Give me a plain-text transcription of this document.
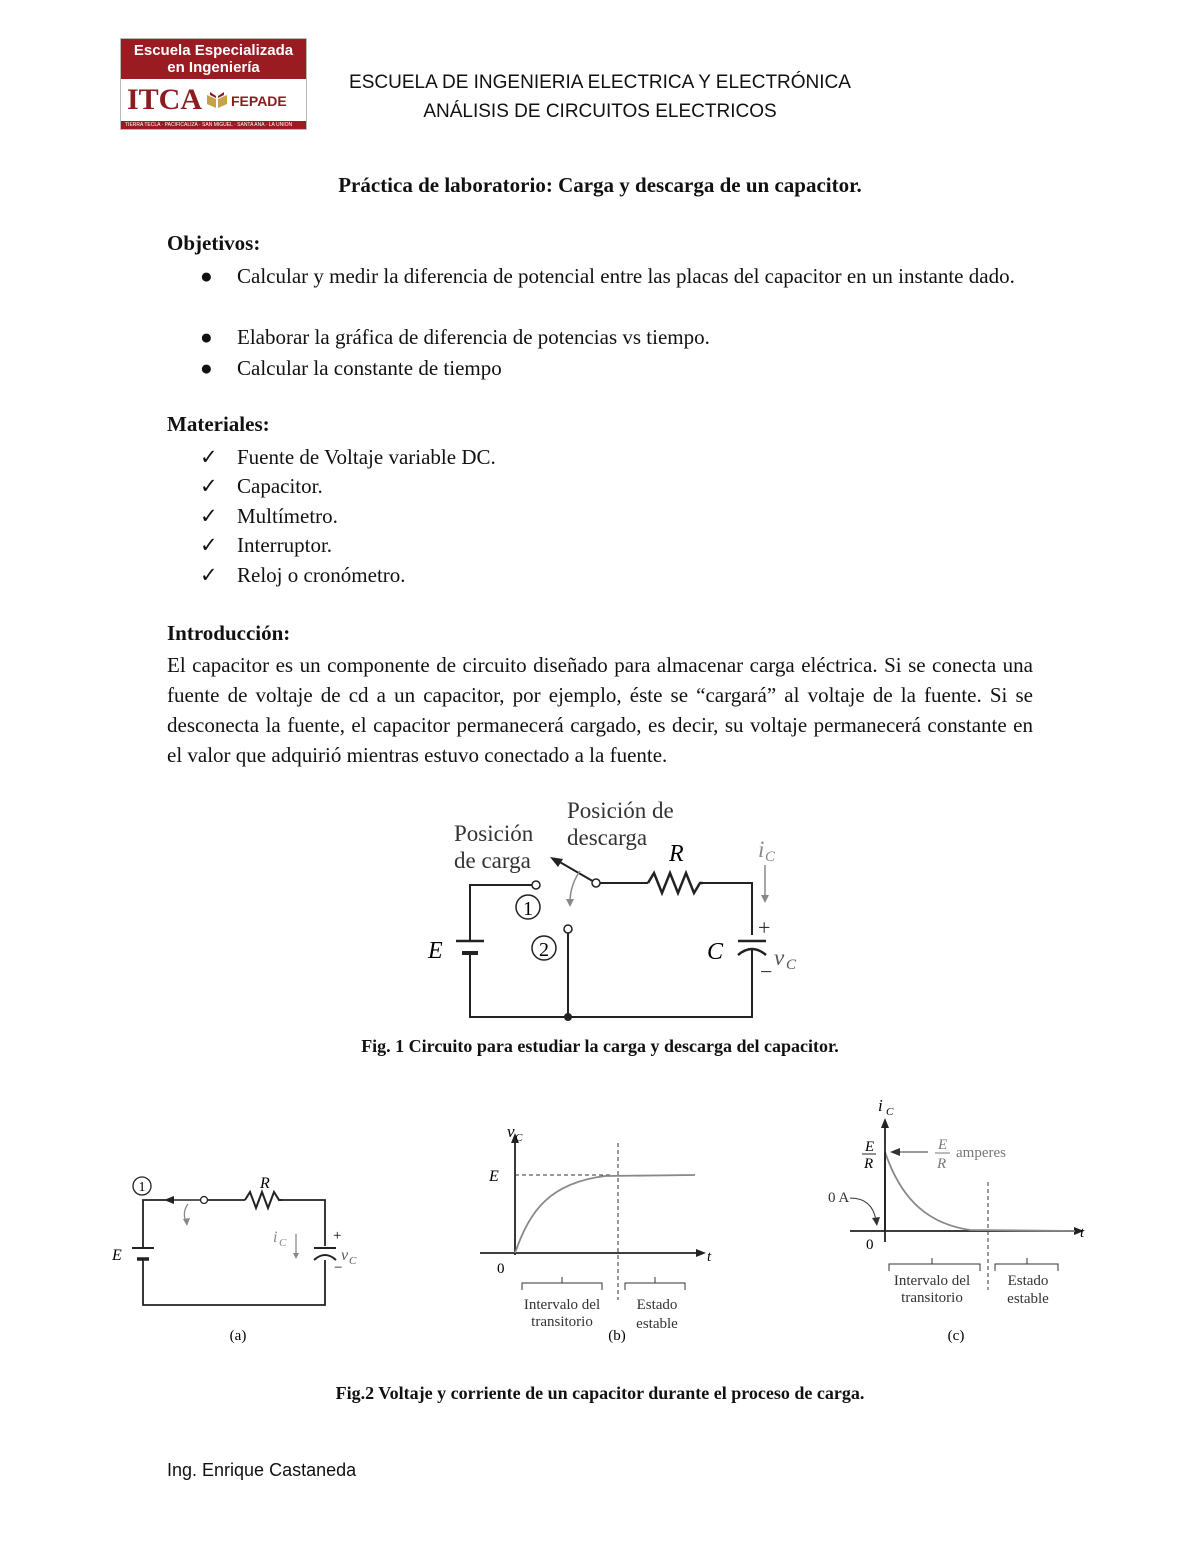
Escuela Especializada
en Ingeniería
ITCA FEPADE
TIERRA TECLA · PACIFICALIZA · SAN MIGUEL · SANTA ANA · LA UNION
ESCUELA DE INGENIERIA ELECTRICA Y ELECTRÓNICA
ANÁLISIS DE CIRCUITOS ELECTRICOS
Práctica de laboratorio: Carga y descarga de un capacitor.
Objetivos:
● Calcular y medir la diferencia de potencial entre las placas del capacitor en un instante dado.
● Elaborar la gráfica de diferencia de potencias vs tiempo.
● Calcular la constante de tiempo
Materiales:
✓ Fuente de Voltaje variable DC.
✓ Capacitor.
✓ Multímetro.
✓ Interruptor.
✓ Reloj o cronómetro.
Introducción:
El capacitor es un componente de circuito diseñado para almacenar carga eléctrica. Si se conecta una fuente de voltaje de cd a un capacitor, por ejemplo, éste se “cargará” al voltaje de la fuente. Si se desconecta la fuente, el capacitor permanecerá cargado, es decir, su voltaje permanecerá constante en el valor que adquirió mientras estuvo conectado a la fuente.
1
2
Posición
de carga
Posición de
descarga
R
E	C
i C
+
−
v C
Fig. 1 Circuito para estudiar la carga y descarga del capacitor.
1	R
E
i C	+
−
v C
(a)
v C
E
0
t
Intervalo del
transitorio
Estado
estable
(b)
i C
E
R
E
R
amperes
0 A
0
t
Intervalo del
transitorio
Estado
estable
(c)
Fig.2 Voltaje y corriente de un capacitor durante el proceso de carga.
Ing. Enrique Castaneda
